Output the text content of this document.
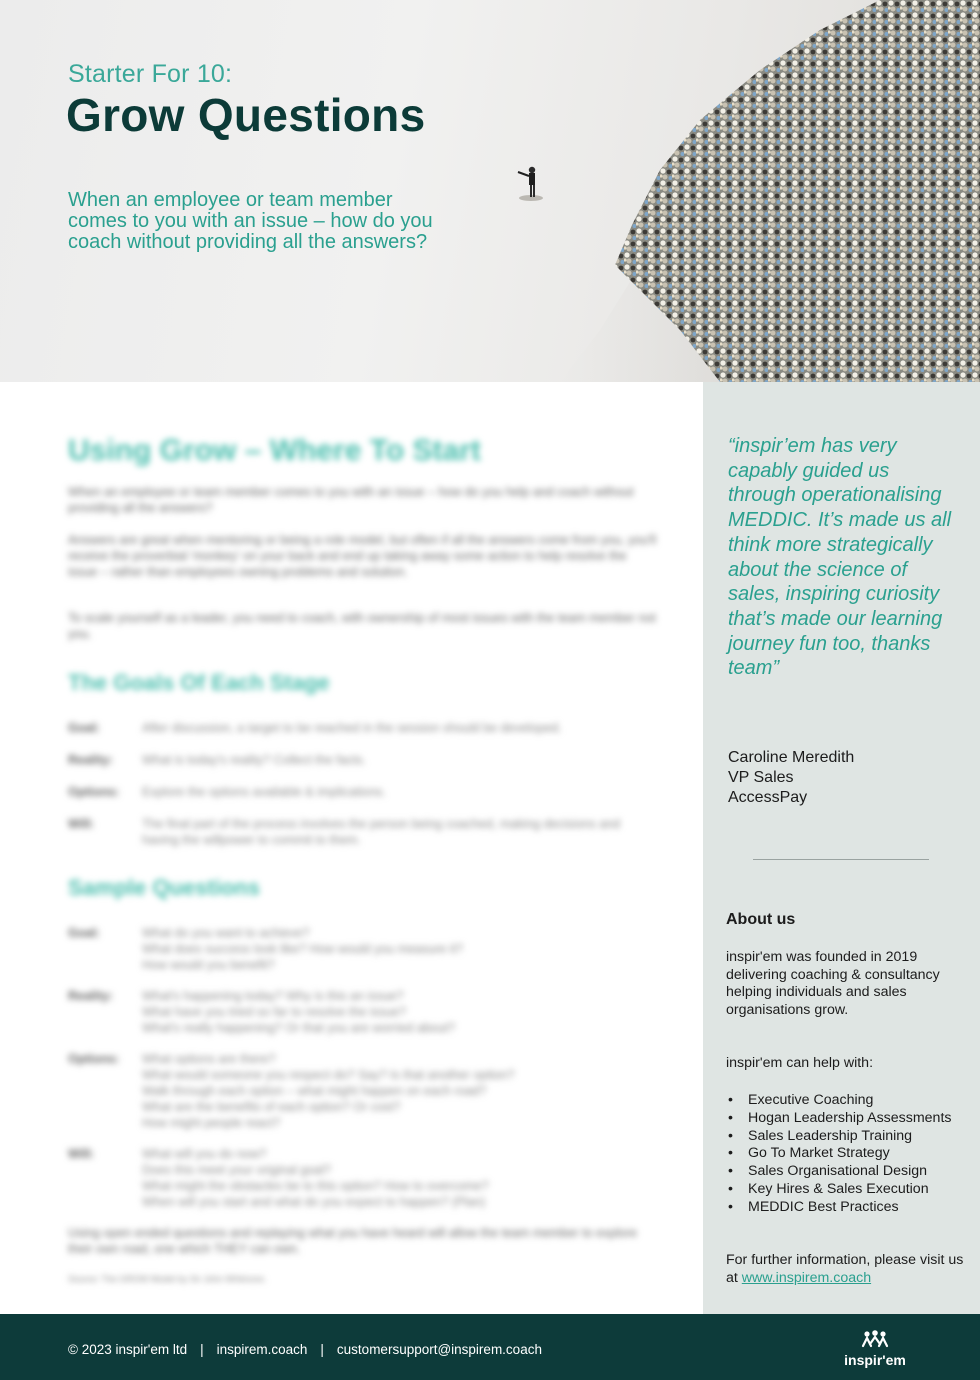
Starter For 10:
Grow Questions

When an employee or team member comes to you with an issue – how do you coach without providing all the answers?

Using Grow – Where To Start

When an employee or team member comes to you with an issue – how do you help and coach without providing all the answers?

Answers are great when mentoring or being a role model, but often if all the answers come from you, you'll receive the proverbial 'monkey' on your back and end up taking away some action to help resolve the issue – rather than employees owning problems and solution.

To scale yourself as a leader, you need to coach, with ownership of most issues with the team member not you.

The Goals Of Each Stage
Goal:	After discussion, a target to be reached in the session should be developed.
Reality:	What is today's reality? Collect the facts.
Options:	Explore the options available & implications.
Will:	The final part of the process involves the person being coached, making decisions and having the willpower to commit to them.
Sample Questions
Goal:	What do you want to achieve?
What does success look like? How would you measure it?
How would you benefit?
Reality:	What's happening today? Why is this an issue?
What have you tried so far to resolve the issue?
What's really happening? Or that you are worried about?
Options:	What options are there?
What would someone you respect do? Say? Is that another option?
Walk through each option – what might happen on each road?
What are the benefits of each option? Or cost?
How might people react?
Will:	What will you do now?
Does this meet your original goal?
What might the obstacles be to this option? How to overcome?
When will you start and what do you expect to happen? (Plan)

Using open ended questions and replaying what you have heard will allow the team member to explore their own road, one which THEY can own.

Source: The GROW Model by Sir John Whitmore.

“inspir’em has very capably guided us through operationalising MEDDIC. It’s made us all think more strategically about the science of sales, inspiring curiosity that’s made our learning journey fun too, thanks team”
Caroline Meredith
VP Sales
AccessPay
About us

inspir'em was founded in 2019 delivering coaching & consultancy helping individuals and sales organisations grow.

inspir'em can help with:

• Executive Coaching
• Hogan Leadership Assessments
• Sales Leadership Training
• Go To Market Strategy
• Sales Organisational Design
• Key Hires & Sales Execution
• MEDDIC Best Practices

For further information, please visit us at www.inspirem.coach

© 2023 inspir'em ltd | inspirem.coach | customersupport@inspirem.coach
inspir'em
